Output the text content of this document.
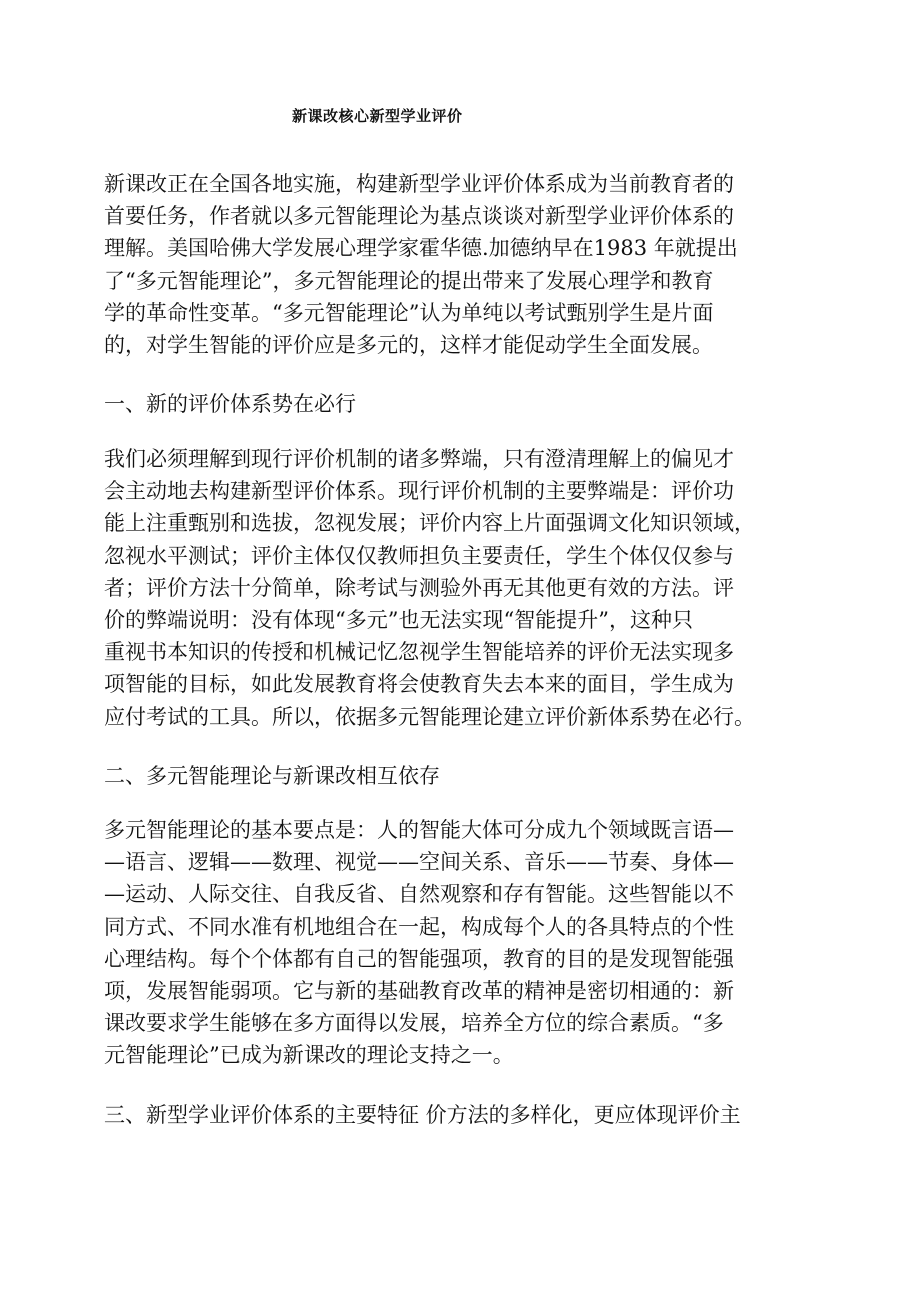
新课改核心新型学业评价
新课改正在全国各地实施，构建新型学业评价体系成为当前教育者的
首要任务，作者就以多元智能理论为基点谈谈对新型学业评价体系的
理解。美国哈佛大学发展心理学家霍华德.加德纳早在1983 年就提出
了“多元智能理论”，多元智能理论的提出带来了发展心理学和教育
学的革命性变革。“多元智能理论”认为单纯以考试甄别学生是片面
的，对学生智能的评价应是多元的，这样才能促动学生全面发展。
一、新的评价体系势在必行
我们必须理解到现行评价机制的诸多弊端，只有澄清理解上的偏见才
会主动地去构建新型评价体系。现行评价机制的主要弊端是：评价功
能上注重甄别和选拔，忽视发展；评价内容上片面强调文化知识领域，
忽视水平测试；评价主体仅仅教师担负主要责任，学生个体仅仅参与
者；评价方法十分简单，除考试与测验外再无其他更有效的方法。评
价的弊端说明：没有体现“多元”也无法实现“智能提升”，这种只
重视书本知识的传授和机械记忆忽视学生智能培养的评价无法实现多
项智能的目标，如此发展教育将会使教育失去本来的面目，学生成为
应付考试的工具。所以，依据多元智能理论建立评价新体系势在必行。
二、多元智能理论与新课改相互依存
多元智能理论的基本要点是：人的智能大体可分成九个领域既言语—
—语言、逻辑——数理、视觉——空间关系、音乐——节奏、身体—
—运动、人际交往、自我反省、自然观察和存有智能。这些智能以不
同方式、不同水准有机地组合在一起，构成每个人的各具特点的个性
心理结构。每个个体都有自己的智能强项，教育的目的是发现智能强
项，发展智能弱项。它与新的基础教育改革的精神是密切相通的：新
课改要求学生能够在多方面得以发展，培养全方位的综合素质。“多
元智能理论”已成为新课改的理论支持之一。
三、新型学业评价体系的主要特征 价方法的多样化，更应体现评价主
